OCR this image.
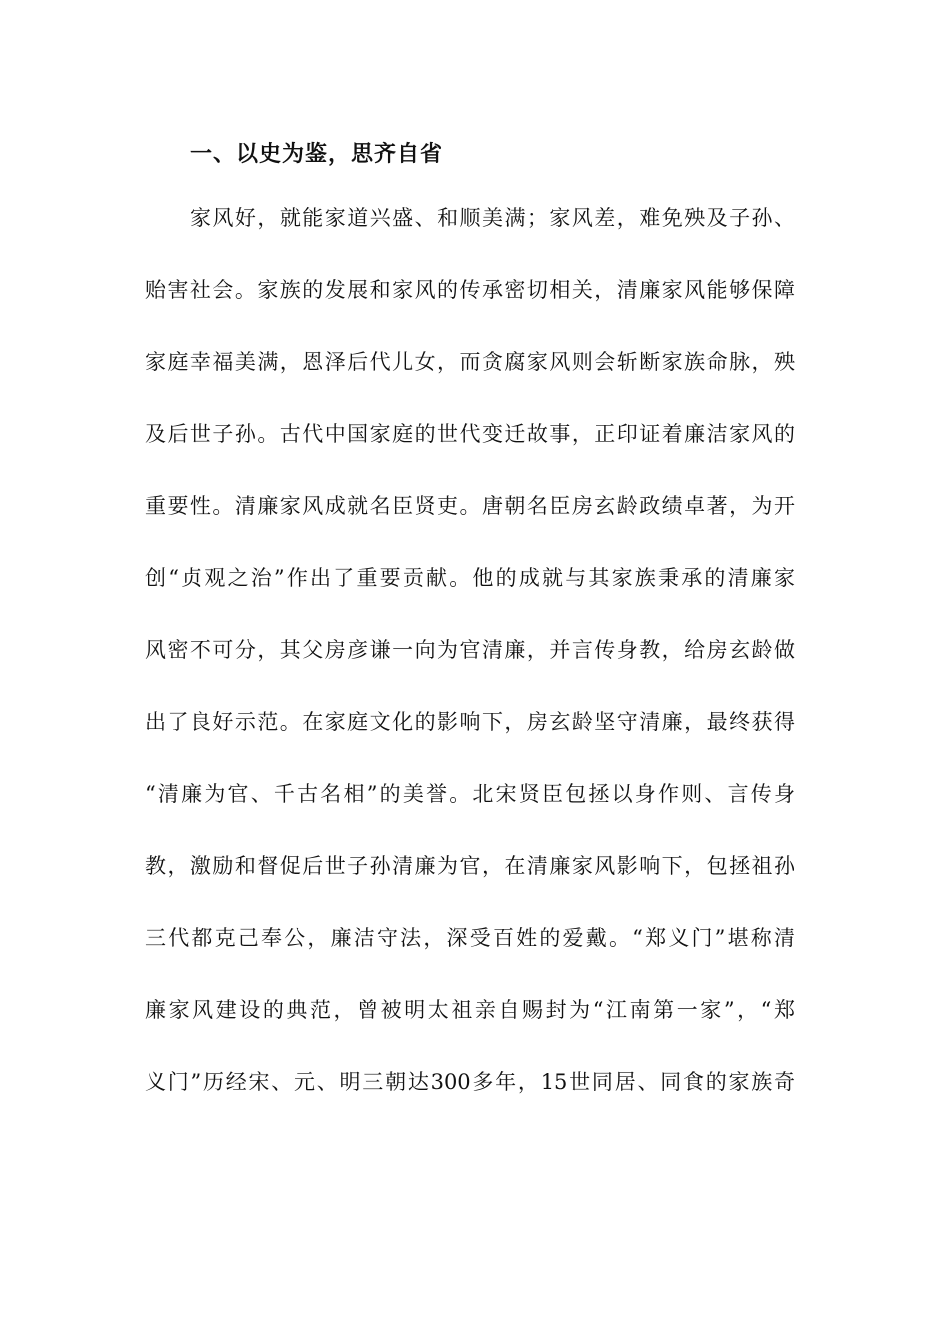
一、以史为鉴，思齐自省
家风好，就能家道兴盛、和顺美满；家风差，难免殃及子孙、
贻害社会。家族的发展和家风的传承密切相关，清廉家风能够保障
家庭幸福美满，恩泽后代儿女，而贪腐家风则会斩断家族命脉，殃
及后世子孙。古代中国家庭的世代变迁故事，正印证着廉洁家风的
重要性。清廉家风成就名臣贤吏。唐朝名臣房玄龄政绩卓著，为开
创“贞观之治”作出了重要贡献。他的成就与其家族秉承的清廉家
风密不可分，其父房彦谦一向为官清廉，并言传身教，给房玄龄做
出了良好示范。在家庭文化的影响下，房玄龄坚守清廉，最终获得
“清廉为官、千古名相”的美誉。北宋贤臣包拯以身作则、言传身
教，激励和督促后世子孙清廉为官，在清廉家风影响下，包拯祖孙
三代都克己奉公，廉洁守法，深受百姓的爱戴。“郑义门”堪称清
廉家风建设的典范，曾被明太祖亲自赐封为“江南第一家”，“郑
义门”历经宋、元、明三朝达300多年，15世同居、同食的家族奇
